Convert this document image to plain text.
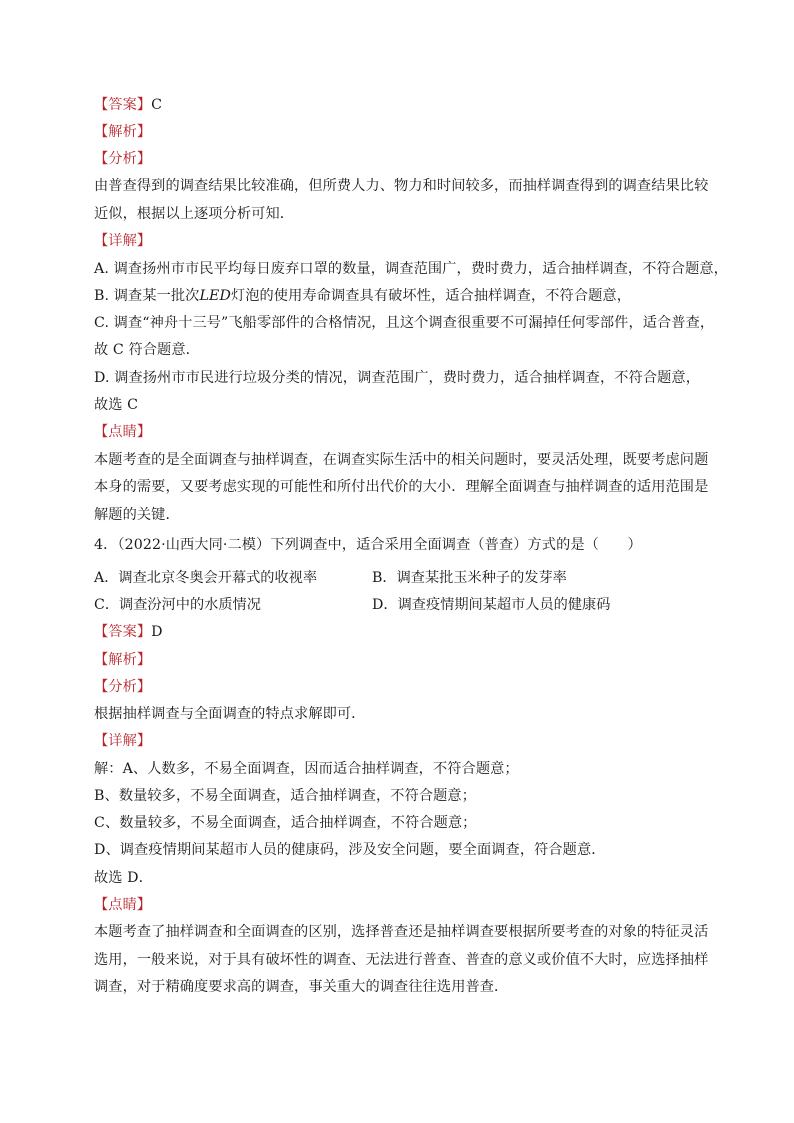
【答案】C
【解析】
【分析】
由普查得到的调查结果比较准确，但所费人力、物力和时间较多，而抽样调查得到的调查结果比较
近似，根据以上逐项分析可知．
【详解】
A. 调查扬州市市民平均每日废弃口罩的数量，调查范围广，费时费力，适合抽样调查，不符合题意，
B. 调查某一批次LED灯泡的使用寿命调查具有破坏性，适合抽样调查，不符合题意，
C. 调查“神舟十三号”飞船零部件的合格情况，且这个调查很重要不可漏掉任何零部件，适合普查，
故 C 符合题意．
D. 调查扬州市市民进行垃圾分类的情况，调查范围广，费时费力，适合抽样调查，不符合题意，
故选 C
【点睛】
本题考查的是全面调查与抽样调查，在调查实际生活中的相关问题时，要灵活处理，既要考虑问题
本身的需要，又要考虑实现的可能性和所付出代价的大小．理解全面调查与抽样调查的适用范围是
解题的关键．
4．（2022·山西大同·二模）下列调查中，适合采用全面调查（普查）方式的是（　　）
A．调查北京冬奥会开幕式的收视率	B．调查某批玉米种子的发芽率
C．调查汾河中的水质情况	D．调查疫情期间某超市人员的健康码
【答案】D
【解析】
【分析】
根据抽样调查与全面调查的特点求解即可．
【详解】
解：A、人数多，不易全面调查，因而适合抽样调查，不符合题意；
B、数量较多，不易全面调查，适合抽样调查，不符合题意；
C、数量较多，不易全面调查，适合抽样调查，不符合题意；
D、调查疫情期间某超市人员的健康码，涉及安全问题，要全面调查，符合题意．
故选 D．
【点睛】
本题考查了抽样调查和全面调查的区别，选择普查还是抽样调查要根据所要考查的对象的特征灵活
选用，一般来说，对于具有破坏性的调查、无法进行普查、普查的意义或价值不大时，应选择抽样
调查，对于精确度要求高的调查，事关重大的调查往往选用普查．
